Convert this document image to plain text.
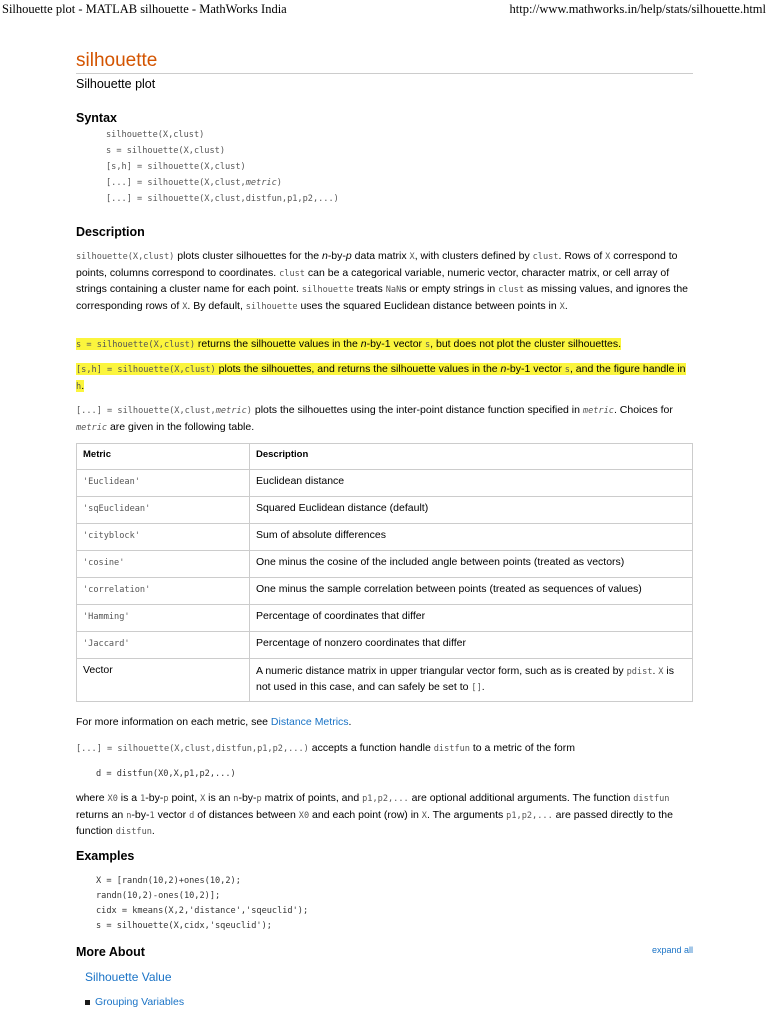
Silhouette plot - MATLAB silhouette - MathWorks India	http://www.mathworks.in/help/stats/silhouette.html
silhouette
Silhouette plot
Syntax
silhouette(X,clust)
s = silhouette(X,clust)
[s,h] = silhouette(X,clust)
[...] = silhouette(X,clust,metric)
[...] = silhouette(X,clust,distfun,p1,p2,...)
Description
silhouette(X,clust) plots cluster silhouettes for the n-by-p data matrix X, with clusters defined by clust. Rows of X correspond to points, columns correspond to coordinates. clust can be a categorical variable, numeric vector, character matrix, or cell array of strings containing a cluster name for each point. silhouette treats NaNs or empty strings in clust as missing values, and ignores the corresponding rows of X. By default, silhouette uses the squared Euclidean distance between points in X.
s = silhouette(X,clust) returns the silhouette values in the n-by-1 vector s, but does not plot the cluster silhouettes.
[s,h] = silhouette(X,clust) plots the silhouettes, and returns the silhouette values in the n-by-1 vector s, and the figure handle in h.
[...] = silhouette(X,clust,metric) plots the silhouettes using the inter-point distance function specified in metric. Choices for metric are given in the following table.
Metric	Description
'Euclidean'	Euclidean distance
'sqEuclidean'	Squared Euclidean distance (default)
'cityblock'	Sum of absolute differences
'cosine'	One minus the cosine of the included angle between points (treated as vectors)
'correlation'	One minus the sample correlation between points (treated as sequences of values)
'Hamming'	Percentage of coordinates that differ
'Jaccard'	Percentage of nonzero coordinates that differ
Vector	A numeric distance matrix in upper triangular vector form, such as is created by pdist. X is not used in this case, and can safely be set to [].
For more information on each metric, see Distance Metrics.
[...] = silhouette(X,clust,distfun,p1,p2,...) accepts a function handle distfun to a metric of the form
d = distfun(X0,X,p1,p2,...)
where X0 is a 1-by-p point, X is an n-by-p matrix of points, and p1,p2,... are optional additional arguments. The function distfun returns an n-by-1 vector d of distances between X0 and each point (row) in X. The arguments p1,p2,... are passed directly to the function distfun.
Examples
X = [randn(10,2)+ones(10,2);
randn(10,2)-ones(10,2)];
cidx = kmeans(X,2,'distance','sqeuclid');
s = silhouette(X,cidx,'sqeuclid');
More About	expand all
Silhouette Value
Grouping Variables
